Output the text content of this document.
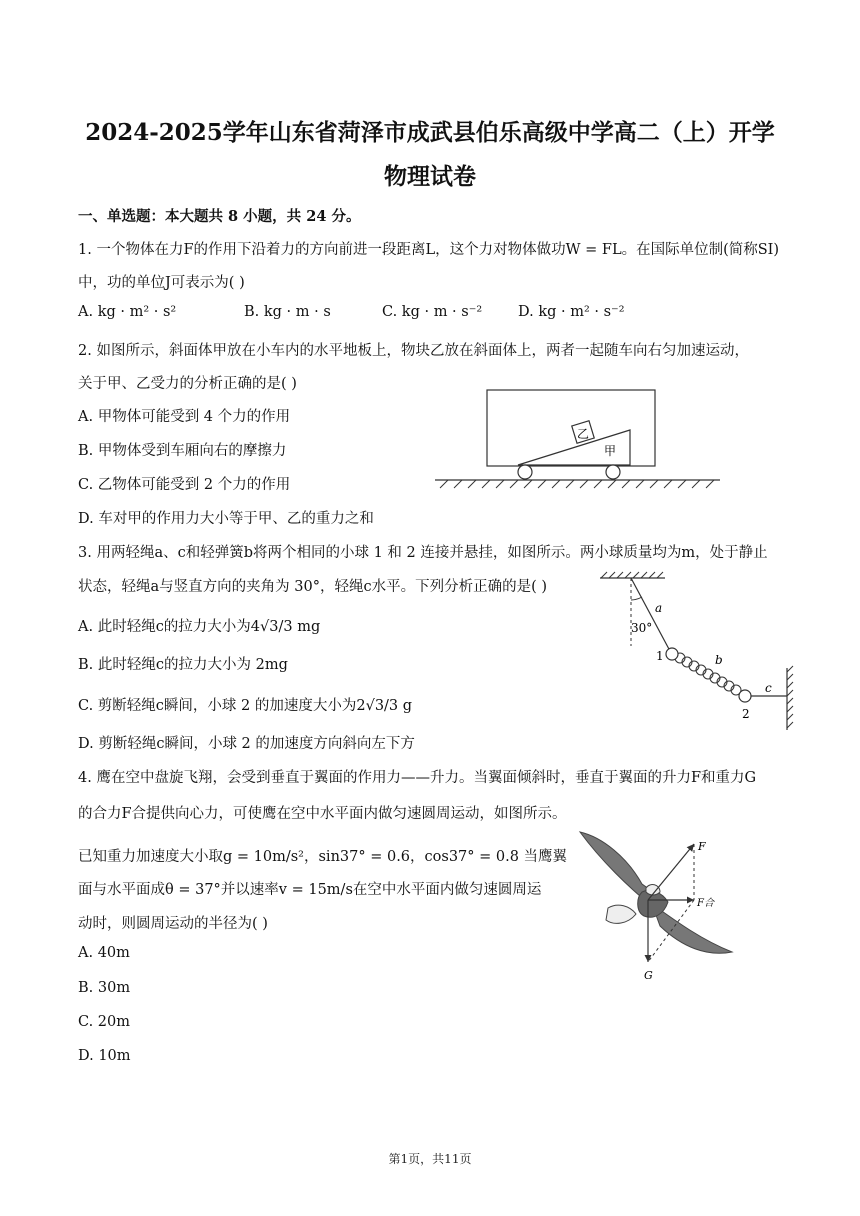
2024-2025学年山东省菏泽市成武县伯乐高级中学高二（上）开学
物理试卷
一、单选题：本大题共 8 小题，共 24 分。
1. 一个物体在力F的作用下沿着力的方向前进一段距离L，这个力对物体做功W = FL。在国际单位制(简称SI)
中，功的单位J可表示为( )
A. kg · m² · s²	B. kg · m · s	C. kg · m · s⁻² D. kg · m² · s⁻²
2. 如图所示，斜面体甲放在小车内的水平地板上，物块乙放在斜面体上，两者一起随车向右匀加速运动，
关于甲、乙受力的分析正确的是( )
A. 甲物体可能受到 4 个力的作用
B. 甲物体受到车厢向右的摩擦力
C. 乙物体可能受到 2 个力的作用
D. 车对甲的作用力大小等于甲、乙的重力之和
乙
甲
3. 用两轻绳a、c和轻弹簧b将两个相同的小球 1 和 2 连接并悬挂，如图所示。两小球质量均为m，处于静止
状态，轻绳a与竖直方向的夹角为 30°，轻绳c水平。下列分析正确的是( )
A. 此时轻绳c的拉力大小为4√3/3 mg
B. 此时轻绳c的拉力大小为 2mg
C. 剪断轻绳c瞬间，小球 2 的加速度大小为2√3/3 g
D. 剪断轻绳c瞬间，小球 2 的加速度方向斜向左下方
30°
a
b
1
2
c
4. 鹰在空中盘旋飞翔，会受到垂直于翼面的作用力——升力。当翼面倾斜时，垂直于翼面的升力F和重力G
的合力F合提供向心力，可使鹰在空中水平面内做匀速圆周运动，如图所示。
已知重力加速度大小取g = 10m/s²，sin37° = 0.6，cos37° = 0.8 当鹰翼
面与水平面成θ = 37°并以速率v = 15m/s在空中水平面内做匀速圆周运
动时，则圆周运动的半径为( )
A. 40m
B. 30m
C. 20m
D. 10m
F
F合
G
第1页，共11页
